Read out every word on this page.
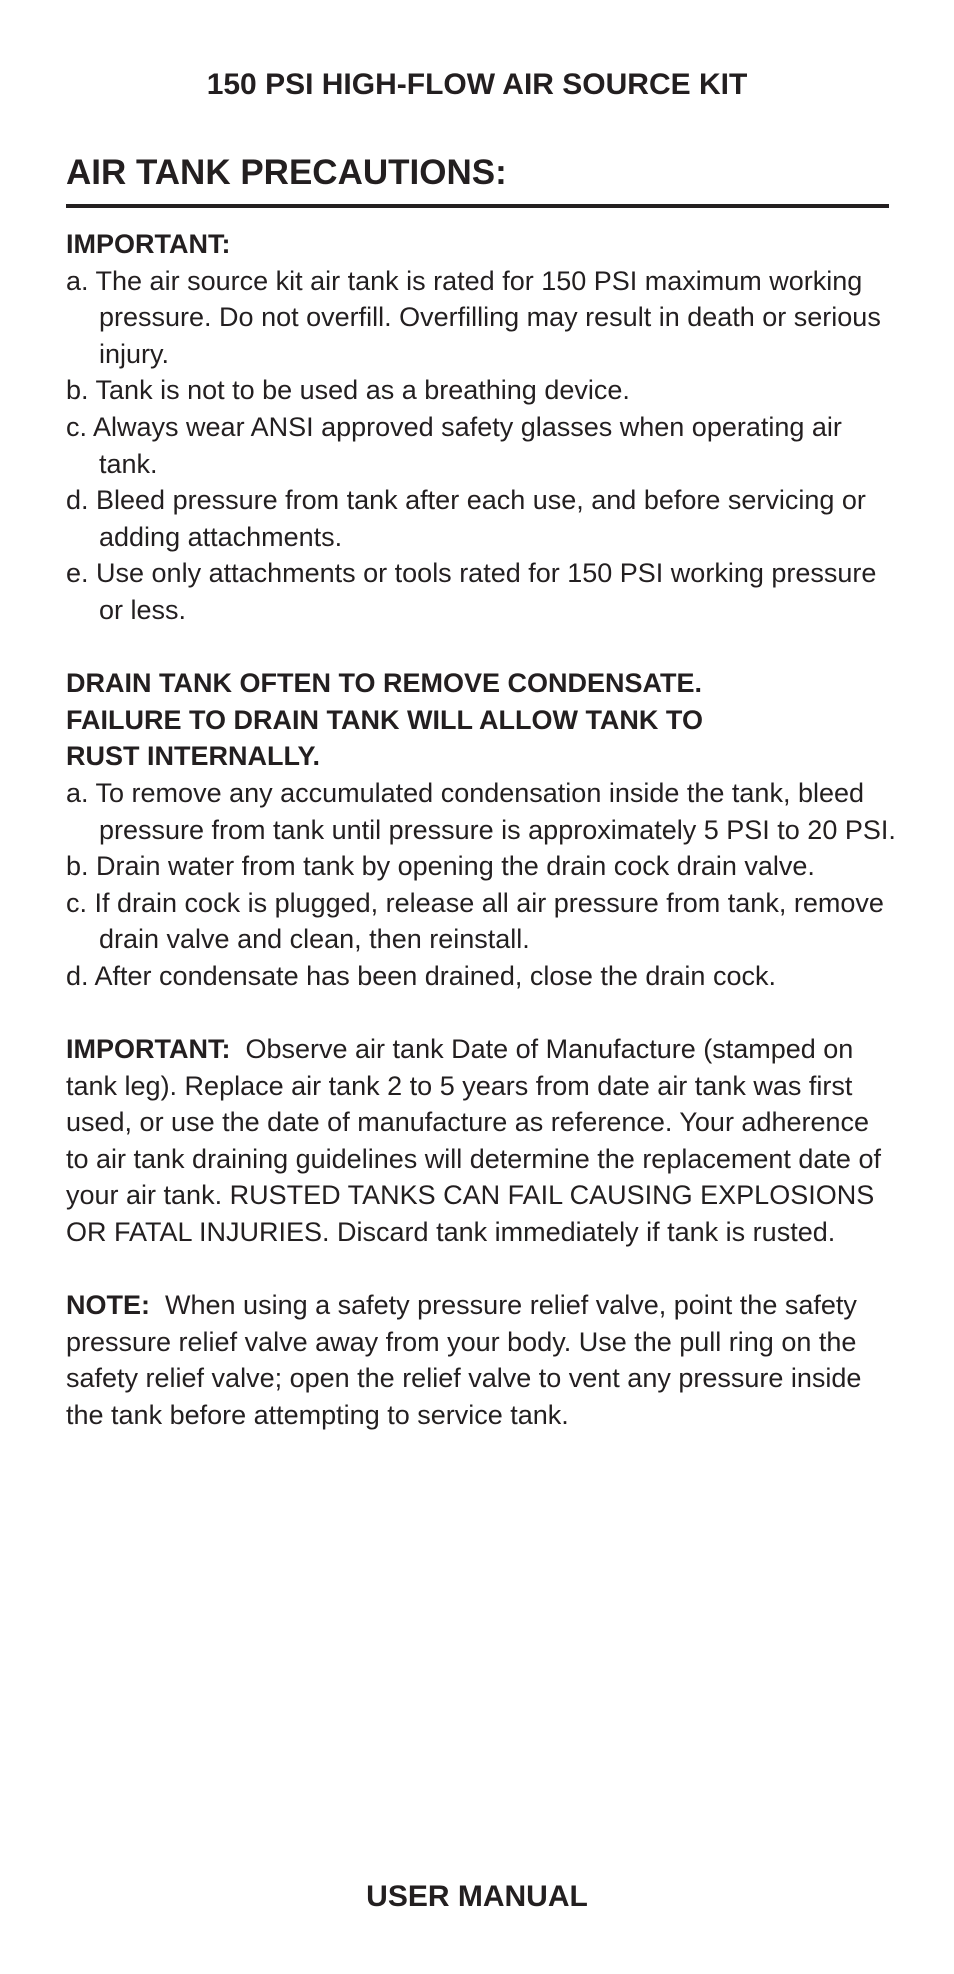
150 PSI HIGH-FLOW AIR SOURCE KIT
AIR TANK PRECAUTIONS:

IMPORTANT:

a. The air source kit air tank is rated for 150 PSI maximum working pressure. Do not overfill. Overfilling may result in death or serious injury.
b. Tank is not to be used as a breathing device.
c. Always wear ANSI approved safety glasses when operating air tank.
d. Bleed pressure from tank after each use, and before servicing or adding attachments.
e. Use only attachments or tools rated for 150 PSI working pressure or less.

DRAIN TANK OFTEN TO REMOVE CONDENSATE.

FAILURE TO DRAIN TANK WILL ALLOW TANK TO

RUST INTERNALLY.

a. To remove any accumulated condensation inside the tank, bleed pressure from tank until pressure is approximately 5 PSI to 20 PSI.
b. Drain water from tank by opening the drain cock drain valve.
c. If drain cock is plugged, release all air pressure from tank, remove drain valve and clean, then reinstall.
d. After condensate has been drained, close the drain cock.

IMPORTANT: Observe air tank Date of Manufacture (stamped on tank leg). Replace air tank 2 to 5 years from date air tank was first used, or use the date of manufacture as reference. Your adherence to air tank draining guidelines will determine the replacement date of your air tank. RUSTED TANKS CAN FAIL CAUSING EXPLOSIONS OR FATAL INJURIES. Discard tank immediately if tank is rusted.

NOTE: When using a safety pressure relief valve, point the safety pressure relief valve away from your body. Use the pull ring on the safety relief valve; open the relief valve to vent any pressure inside the tank before attempting to service tank.

USER MANUAL
